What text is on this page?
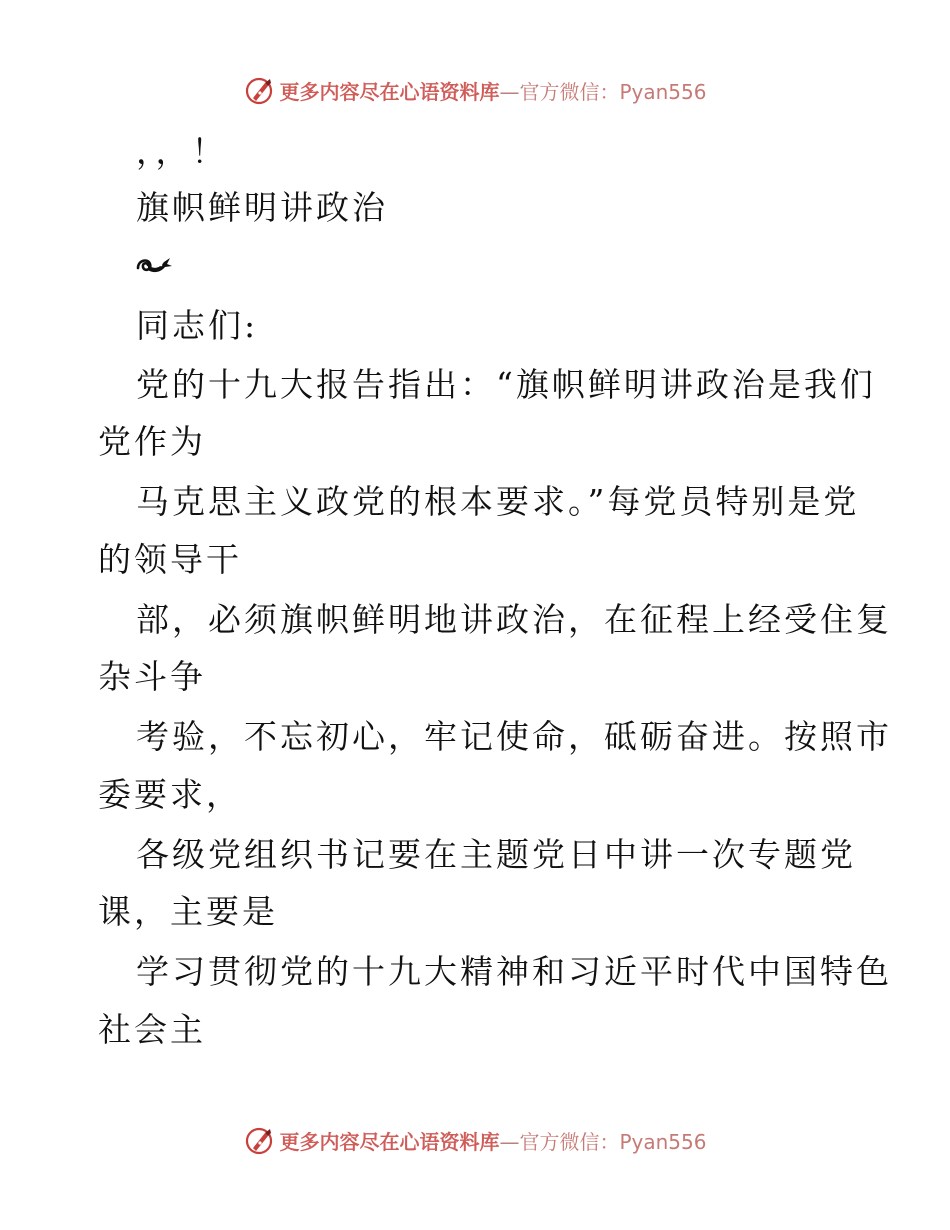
更多内容尽在心语资料库—官方微信：Pyan556
，，！
旗帜鲜明讲政治
同志们:
党的十九大报告指出：“旗帜鲜明讲政治是我们
党作为
马克思主义政党的根本要求。”每党员特别是党
的领导干
部，必须旗帜鲜明地讲政治，在征程上经受住复
杂斗争
考验，不忘初心，牢记使命，砥砺奋进。按照市
委要求，
各级党组织书记要在主题党日中讲一次专题党
课，主要是
学习贯彻党的十九大精神和习近平时代中国特色
社会主
更多内容尽在心语资料库—官方微信：Pyan556
